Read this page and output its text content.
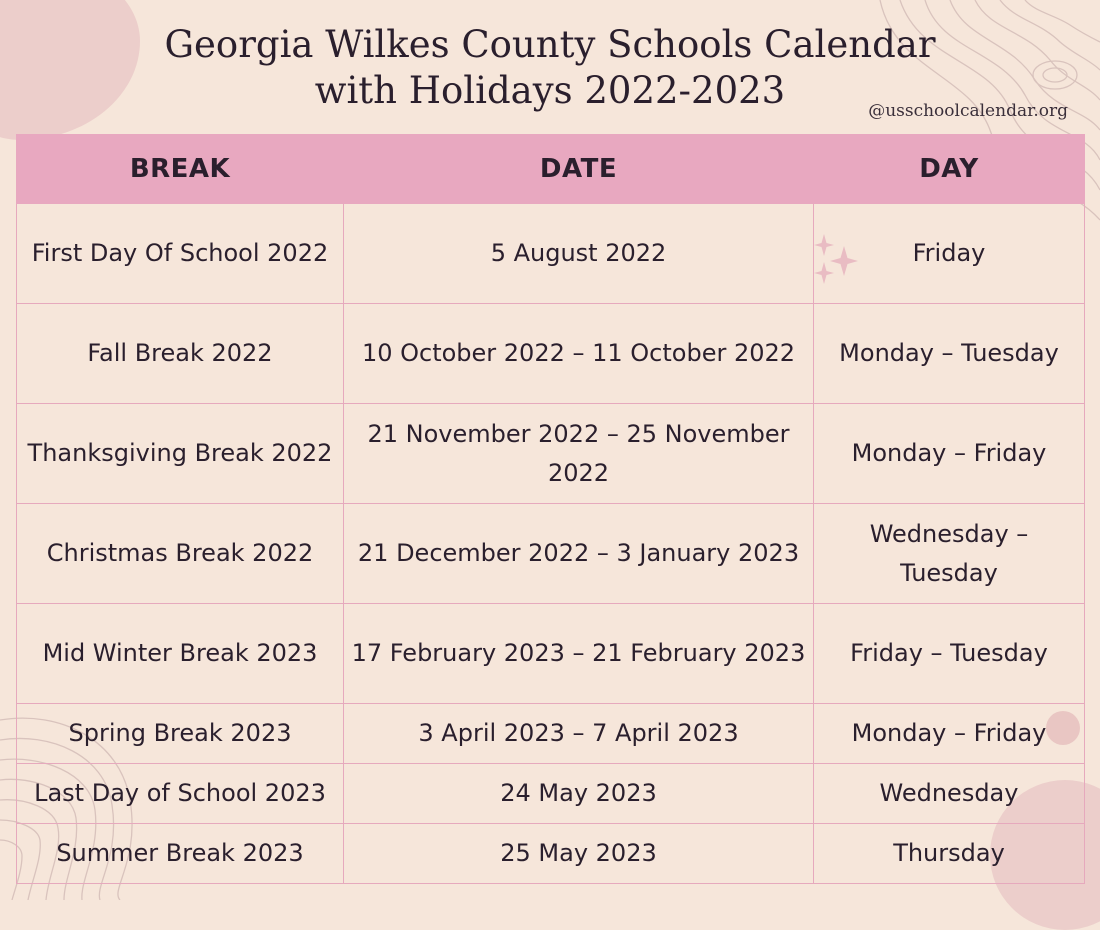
Georgia Wilkes County Schools Calendar
with Holidays 2022-2023	@usschoolcalendar.org
BREAK	DATE	DAY
First Day Of School 2022	5 August 2022	Friday
Fall Break 2022	10 October 2022 – 11 October 2022	Monday – Tuesday
Thanksgiving Break 2022	21 November 2022 – 25 November 2022	Monday – Friday
Christmas Break 2022	21 December 2022 – 3 January 2023	Wednesday – Tuesday
Mid Winter Break 2023	17 February 2023 – 21 February 2023	Friday – Tuesday
Spring Break 2023	3 April 2023 – 7 April 2023	Monday – Friday
Last Day of School 2023	24 May 2023	Wednesday
Summer Break 2023	25 May 2023	Thursday
